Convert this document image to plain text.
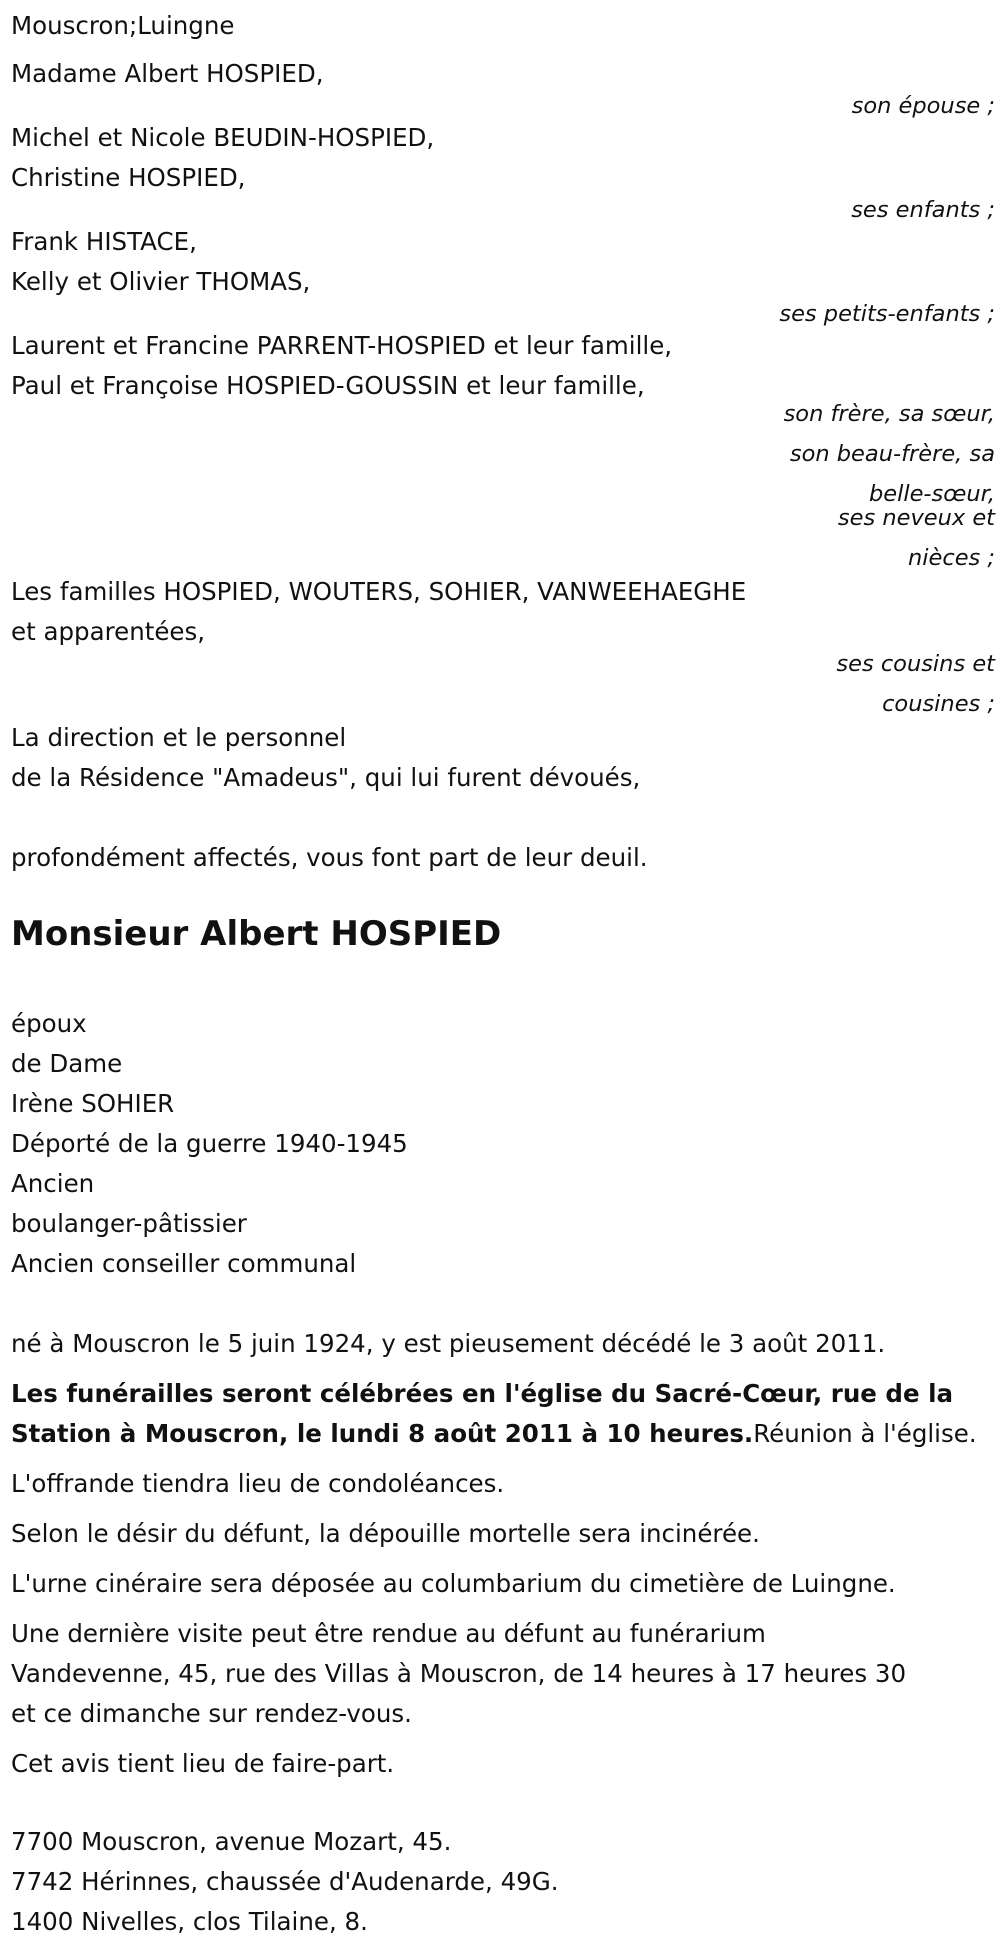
Mouscron;Luingne
Madame Albert HOSPIED,
son épouse ;
Michel et Nicole BEUDIN-HOSPIED,
Christine HOSPIED,
ses enfants ;
Frank HISTACE,
Kelly et Olivier THOMAS,
ses petits-enfants ;
Laurent et Francine PARRENT-HOSPIED et leur famille,
Paul et Françoise HOSPIED-GOUSSIN et leur famille,
son frère, sa sœur,
son beau-frère, sa
belle-sœur,
ses neveux et
nièces ;
Les familles HOSPIED, WOUTERS, SOHIER, VANWEEHAEGHE
et apparentées,
ses cousins et
cousines ;
La direction et le personnel
de la Résidence "Amadeus", qui lui furent dévoués,
profondément affectés, vous font part de leur deuil.
Monsieur Albert HOSPIED
époux
de Dame
Irène SOHIER
Déporté de la guerre 1940-1945
Ancien
boulanger-pâtissier
Ancien conseiller communal
né à Mouscron le 5 juin 1924, y est pieusement décédé le 3 août 2011.
Les funérailles seront célébrées en l'église du Sacré-Cœur, rue de la
Station à Mouscron, le lundi 8 août 2011 à 10 heures.Réunion à l'église.
L'offrande tiendra lieu de condoléances.
Selon le désir du défunt, la dépouille mortelle sera incinérée.
L'urne cinéraire sera déposée au columbarium du cimetière de Luingne.
Une dernière visite peut être rendue au défunt au funérarium
Vandevenne, 45, rue des Villas à Mouscron, de 14 heures à 17 heures 30
et ce dimanche sur rendez-vous.
Cet avis tient lieu de faire-part.
7700 Mouscron, avenue Mozart, 45.
7742 Hérinnes, chaussée d'Audenarde, 49G.
1400 Nivelles, clos Tilaine, 8.
